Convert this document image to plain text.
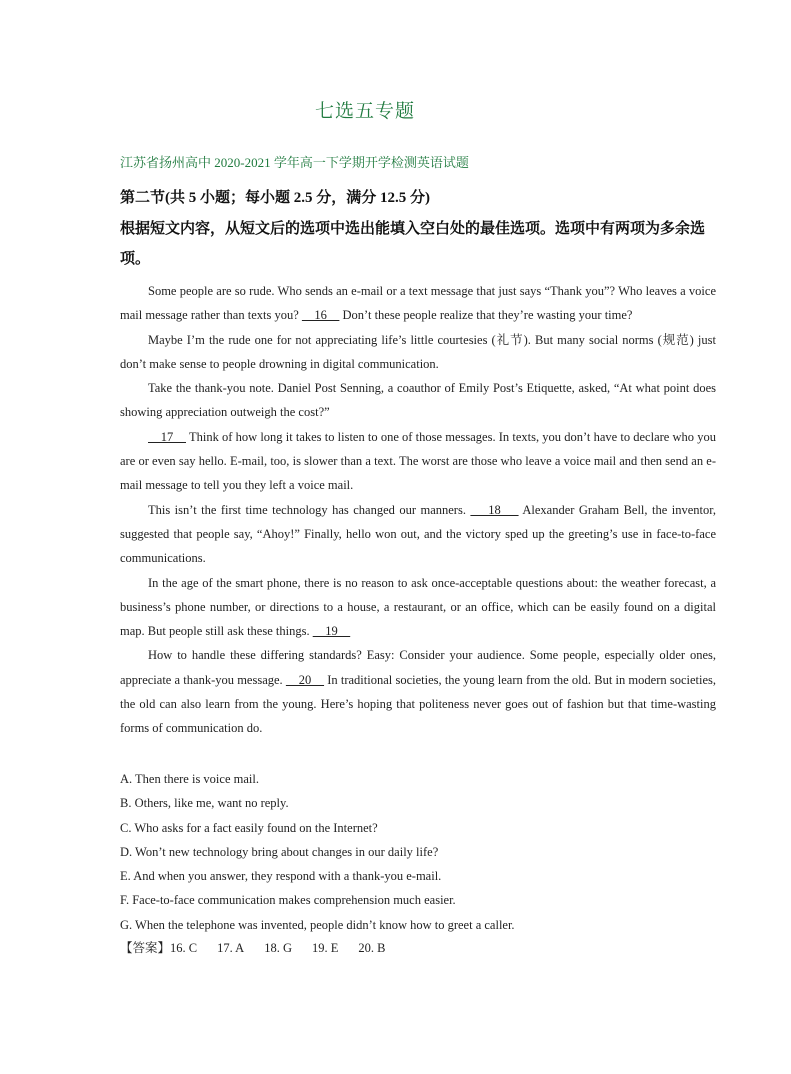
七选五专题
江苏省扬州高中 2020-2021 学年高一下学期开学检测英语试题
第二节(共 5 小题；每小题 2.5 分，满分 12.5 分)
根据短文内容，从短文后的选项中选出能填入空白处的最佳选项。选项中有两项为多余选项。

Some people are so rude. Who sends an e-mail or a text message that just says “Thank you”? Who leaves a voice mail message rather than texts you?     16     Don’t these people realize that they’re wasting your time?

Maybe I’m the rude one for not appreciating life’s little courtesies (礼节). But many social norms (规范) just don’t make sense to people drowning in digital communication.

Take the thank-you note. Daniel Post Senning, a coauthor of Emily Post’s Etiquette, asked, “At what point does showing appreciation outweigh the cost?”

17     Think of how long it takes to listen to one of those messages. In texts, you don’t have to declare who you are or even say hello. E-mail, too, is slower than a text. The worst are those who leave a voice mail and then send an e-mail message to tell you they left a voice mail.

This isn’t the first time technology has changed our manners.     18     Alexander Graham Bell, the inventor, suggested that people say, “Ahoy!” Finally, hello won out, and the victory sped up the greeting’s use in face-to-face communications.

In the age of the smart phone, there is no reason to ask once-acceptable questions about: the weather forecast, a business’s phone number, or directions to a house, a restaurant, or an office, which can be easily found on a digital map. But people still ask these things.     19

How to handle these differing standards? Easy: Consider your audience. Some people, especially older ones, appreciate a thank-you message.     20     In traditional societies, the young learn from the old. But in modern societies, the old can also learn from the young. Here’s hoping that politeness never goes out of fashion but that time-wasting forms of communication do.

A. Then there is voice mail.
B. Others, like me, want no reply.
C. Who asks for a fact easily found on the Internet?
D. Won’t new technology bring about changes in our daily life?
E. And when you answer, they respond with a thank-you e-mail.
F. Face-to-face communication makes comprehension much easier.
G. When the telephone was invented, people didn’t know how to greet a caller.
【答案】16. C 17. A 18. G 19. E 20. B
